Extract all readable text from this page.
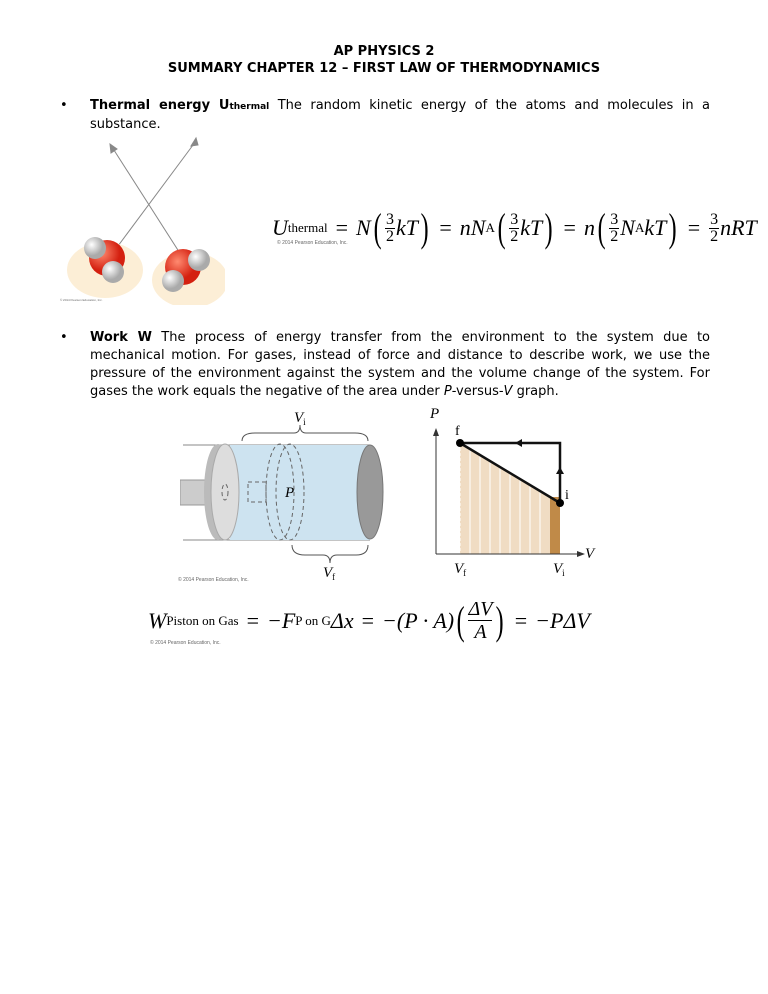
AP PHYSICS 2
SUMMARY CHAPTER 12 – FIRST LAW OF THERMODYNAMICS
• Thermal energy Uthermal The random kinetic energy of the atoms and molecules in a substance.
© 2014 Pearson Education, Inc.
U thermal = N ( $\frac{3}{2}$ kT ) = nN A ( $\frac{3}{2}$ kT ) = n ( $\frac{3}{2}$ N A kT ) = $\frac{3}{2}$ nRT
© 2014 Pearson Education, Inc.
• Work W The process of energy transfer from the environment to the system due to mechanical motion. For gases, instead of force and distance to describe work, we use the pressure of the environment against the system and the volume change of the system. For gases the work equals the negative of the area under P-versus-V graph.
$V_i$
$V_f$
P
© 2014 Pearson Education, Inc.
P
V
f
i
$V_f$	$V_i$
W Piston on Gas = −F P on G Δx = −(P · A) ( $\frac{\Delta V}{A}$ ) = −PΔV
© 2014 Pearson Education, Inc.
